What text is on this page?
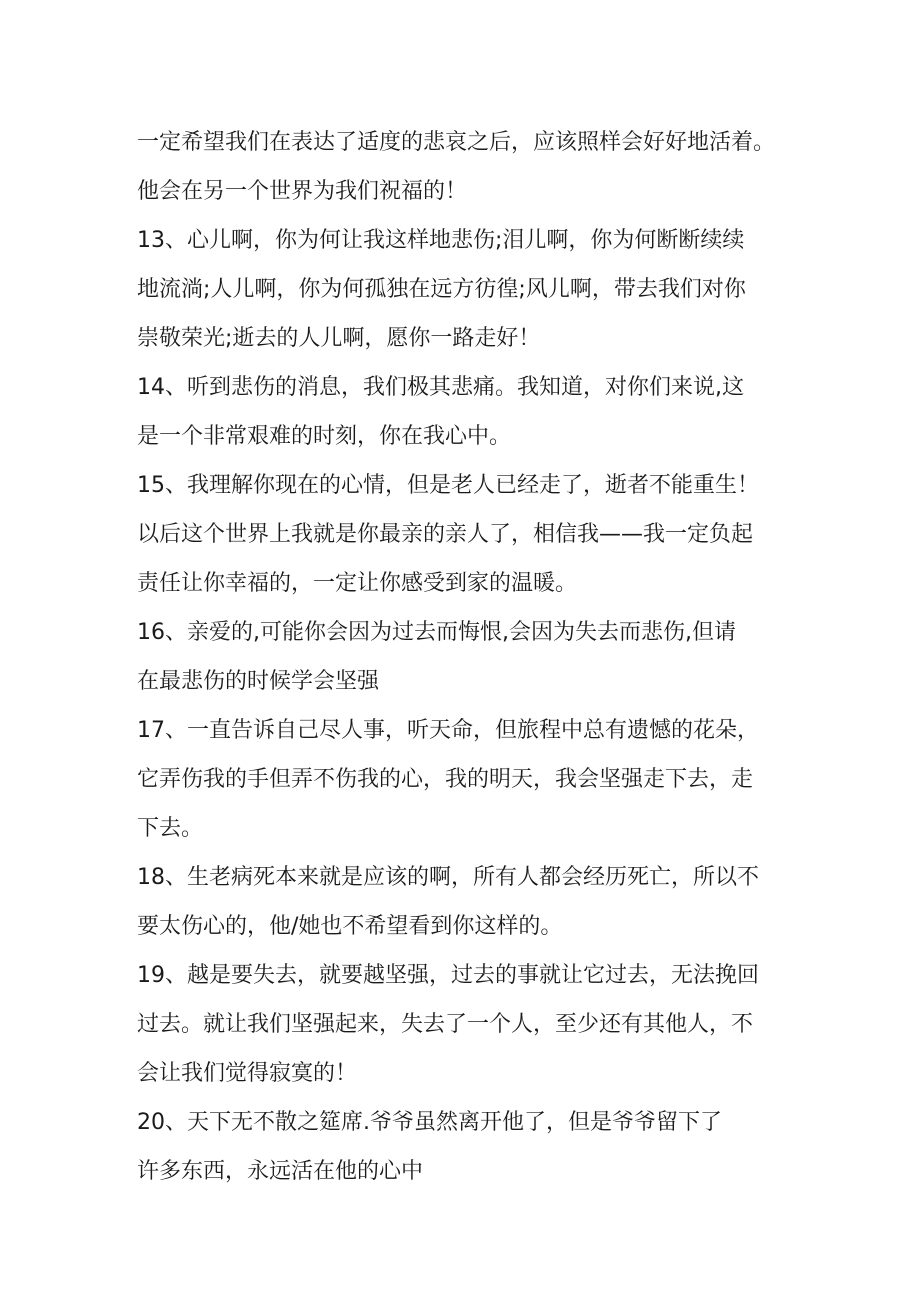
一定希望我们在表达了适度的悲哀之后，应该照样会好好地活着。
他会在另一个世界为我们祝福的！
13、心儿啊，你为何让我这样地悲伤;泪儿啊，你为何断断续续
地流淌;人儿啊，你为何孤独在远方彷徨;风儿啊，带去我们对你
崇敬荣光;逝去的人儿啊，愿你一路走好！
14、听到悲伤的消息，我们极其悲痛。我知道，对你们来说,这
是一个非常艰难的时刻，你在我心中。
15、我理解你现在的心情，但是老人已经走了，逝者不能重生！
以后这个世界上我就是你最亲的亲人了，相信我——我一定负起
责任让你幸福的，一定让你感受到家的温暖。
16、亲爱的,可能你会因为过去而悔恨,会因为失去而悲伤,但请
在最悲伤的时候学会坚强
17、一直告诉自己尽人事，听天命，但旅程中总有遗憾的花朵，
它弄伤我的手但弄不伤我的心，我的明天，我会坚强走下去，走
下去。
18、生老病死本来就是应该的啊，所有人都会经历死亡，所以不
要太伤心的，他/她也不希望看到你这样的。
19、越是要失去，就要越坚强，过去的事就让它过去，无法挽回
过去。就让我们坚强起来，失去了一个人，至少还有其他人，不
会让我们觉得寂寞的！
20、天下无不散之筵席.爷爷虽然离开他了，但是爷爷留下了
许多东西，永远活在他的心中
